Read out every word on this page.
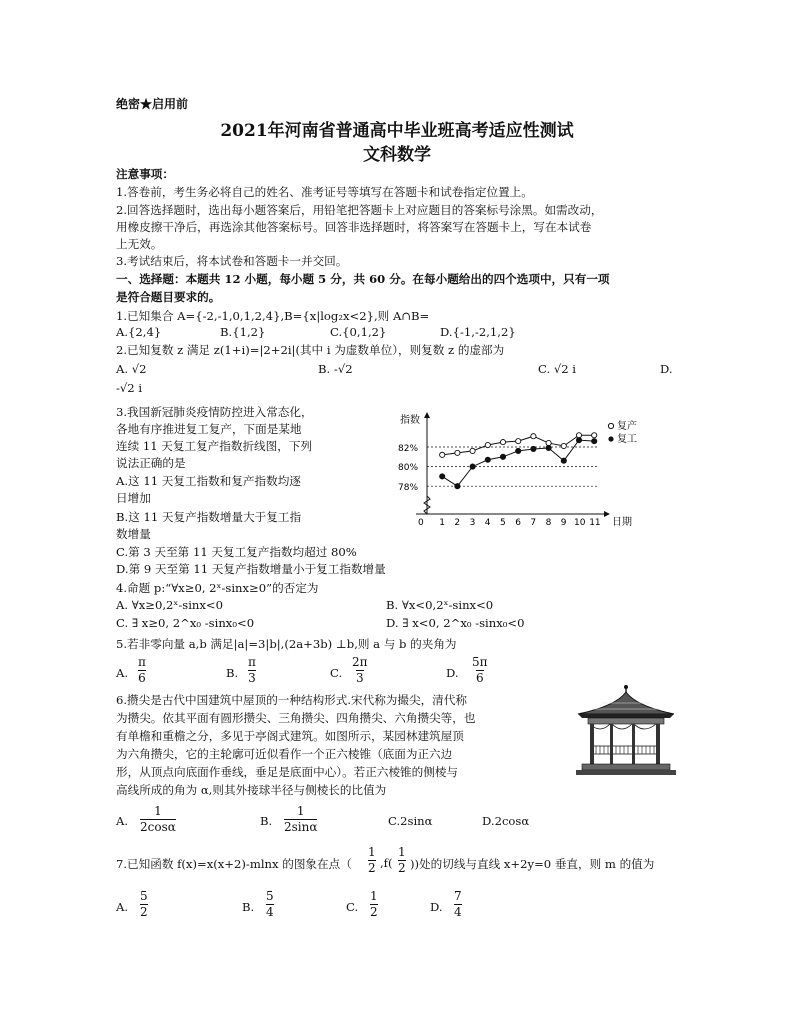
绝密★启用前
2021年河南省普通高中毕业班高考适应性测试
文科数学
注意事项：
1.答卷前，考生务必将自己的姓名、准考证号等填写在答题卡和试卷指定位置上。
2.回答选择题时，选出每小题答案后，用铅笔把答题卡上对应题目的答案标号涂黑。如需改动，
用橡皮擦干净后，再选涂其他答案标号。回答非选择题时，将答案写在答题卡上，写在本试卷
上无效。
3.考试结束后，将本试卷和答题卡一并交回。
一、选择题：本题共 12 小题，每小题 5 分，共 60 分。在每小题给出的四个选项中，只有一项
是符合题目要求的。
1.已知集合 A={-2,-1,0,1,2,4},B={x|log₂x<2},则 A∩B=
A.{2,4}	B.{1,2}	C.{0,1,2}	D.{-1,-2,1,2}
2.已知复数 z 满足 z(1+i)=|2+2i|(其中 i 为虚数单位），则复数 z 的虚部为
A. √2	B. -√2	C. √2 i	D.
-√2 i
3.我国新冠肺炎疫情防控进入常态化，
各地有序推进复工复产，下面是某地
连续 11 天复工复产指数折线图，下列
说法正确的是
A.这 11 天复工指数和复产指数均逐
日增加
B.这 11 天复产指数增量大于复工指
数增量
C.第 3 天至第 11 天复工复产指数均超过 80%
D.第 9 天至第 11 天复产指数增量小于复工指数增量
指数
82%
80%
78%
0 1 2 3 4 5 6 7 8 9 10 11 日期
复产
复工
4.命题 p:“∀x≥0, 2ˣ-sinx≥0”的否定为
A. ∀x≥0,2ˣ-sinx<0	B. ∀x<0,2ˣ-sinx<0
C. ∃ x≥0, 2^x₀ -sinx₀<0	D. ∃ x<0, 2^x₀ -sinx₀<0
5.若非零向量 a,b 满足|a|=3|b|,(2a+3b) ⊥b,则 a 与 b 的夹角为
A. $\frac{\pi}{6}$	B. $\frac{\pi}{3}$	C. $\frac{2\pi}{3}$	D. $\frac{5\pi}{6}$
6.攒尖是古代中国建筑中屋顶的一种结构形式.宋代称为撮尖，清代称
为攒尖。依其平面有圆形攒尖、三角攒尖、四角攒尖、六角攒尖等，也
有单檐和重檐之分，多见于亭阁式建筑。如图所示，某园林建筑屋顶
为六角攒尖，它的主轮廓可近似看作一个正六棱锥（底面为正六边
形，从顶点向底面作垂线，垂足是底面中心）。若正六棱锥的侧棱与
高线所成的角为 α,则其外接球半径与侧棱长的比值为
A. $\frac{1}{2\cos\alpha}$	B. $\frac{1}{2\sin\alpha}$	C.2sinα	D.2cosα
7.已知函数 f(x)=x(x+2)-mlnx 的图象在点（ $\frac{1}{2} ,f( \frac{1}{2}$ ))处的切线与直线 x+2y=0 垂直，则 m 的值为
A. $\frac{5}{2}$	B. $\frac{5}{4}$	C. $\frac{1}{2}$	D. $\frac{7}{4}$
